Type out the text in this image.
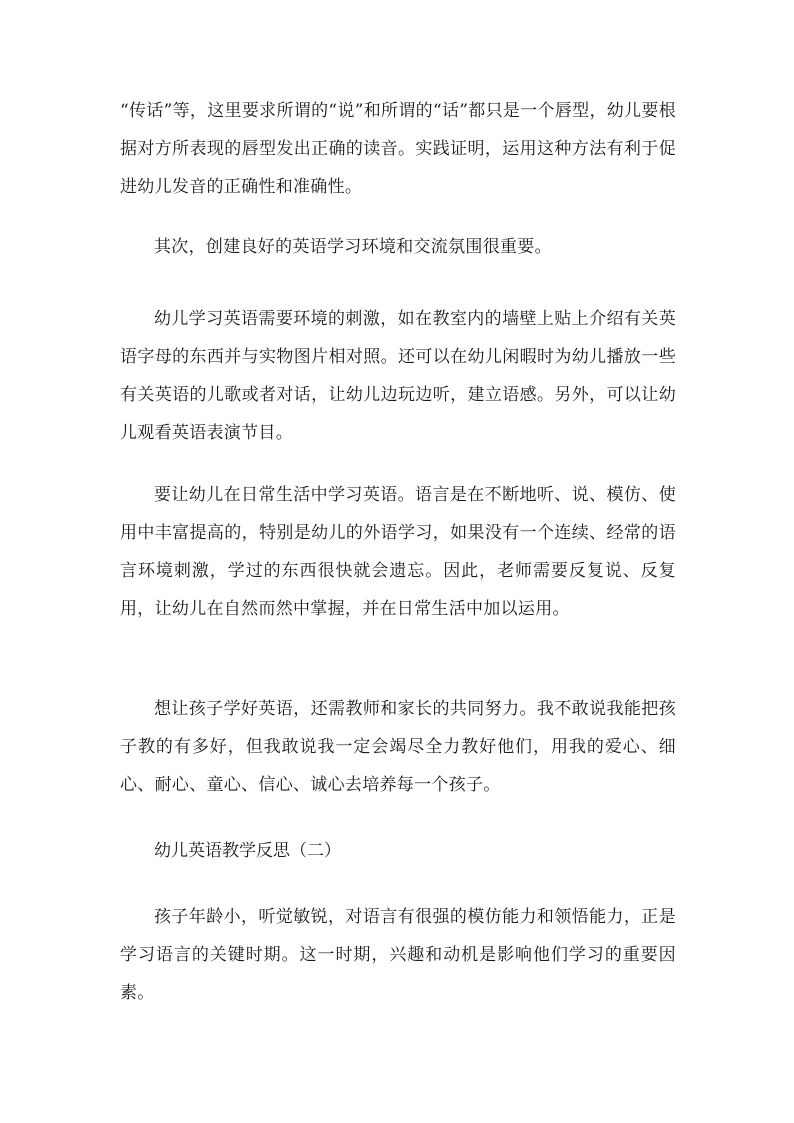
“传话”等，这里要求所谓的“说”和所谓的“话”都只是一个唇型，幼儿要根据对方所表现的唇型发出正确的读音。实践证明，运用这种方法有利于促进幼儿发音的正确性和准确性。

其次，创建良好的英语学习环境和交流氛围很重要。

幼儿学习英语需要环境的刺激，如在教室内的墙壁上贴上介绍有关英语字母的东西并与实物图片相对照。还可以在幼儿闲暇时为幼儿播放一些有关英语的儿歌或者对话，让幼儿边玩边听，建立语感。另外，可以让幼儿观看英语表演节目。

要让幼儿在日常生活中学习英语。语言是在不断地听、说、模仿、使用中丰富提高的，特别是幼儿的外语学习，如果没有一个连续、经常的语言环境刺激，学过的东西很快就会遗忘。因此，老师需要反复说、反复用，让幼儿在自然而然中掌握，并在日常生活中加以运用。

想让孩子学好英语，还需教师和家长的共同努力。我不敢说我能把孩子教的有多好，但我敢说我一定会竭尽全力教好他们，用我的爱心、细心、耐心、童心、信心、诚心去培养每一个孩子。

幼儿英语教学反思（二）

孩子年龄小，听觉敏锐，对语言有很强的模仿能力和领悟能力，正是学习语言的关键时期。这一时期，兴趣和动机是影响他们学习的重要因素。
